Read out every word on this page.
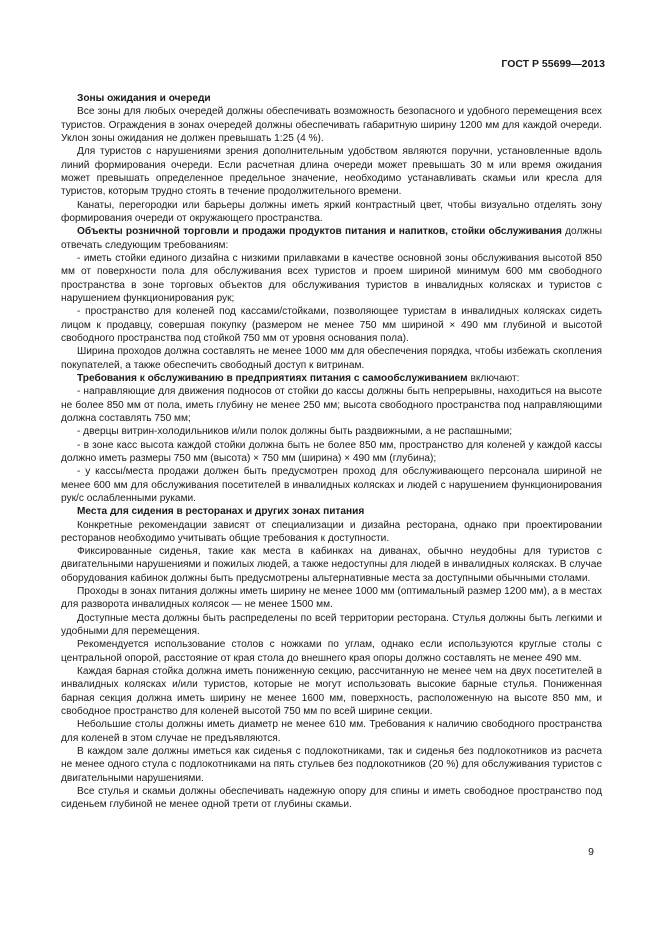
ГОСТ Р 55699—2013
Зоны ожидания и очереди

Все зоны для любых очередей должны обеспечивать возможность безопасного и удобного перемещения всех туристов. Ограждения в зонах очередей должны обеспечивать габаритную ширину 1200 мм для каждой очереди. Уклон зоны ожидания не должен превышать 1:25 (4 %).

Для туристов с нарушениями зрения дополнительным удобством являются поручни, установленные вдоль линий формирования очереди. Если расчетная длина очереди может превышать 30 м или время ожидания может превышать определенное предельное значение, необходимо устанавливать скамьи или кресла для туристов, которым трудно стоять в течение продолжительного времени.

Канаты, перегородки или барьеры должны иметь яркий контрастный цвет, чтобы визуально отделять зону формирования очереди от окружающего пространства.

Объекты розничной торговли и продажи продуктов питания и напитков, стойки обслуживания должны отвечать следующим требованиям:

- иметь стойки единого дизайна с низкими прилавками в качестве основной зоны обслуживания высотой 850 мм от поверхности пола для обслуживания всех туристов и проем шириной минимум 600 мм свободного пространства в зоне торговых объектов для обслуживания туристов в инвалидных колясках и туристов с нарушением функционирования рук;

- пространство для коленей под кассами/стойками, позволяющее туристам в инвалидных колясках сидеть лицом к продавцу, совершая покупку (размером не менее 750 мм шириной × 490 мм глубиной и высотой свободного пространства под стойкой 750 мм от уровня основания пола).

Ширина проходов должна составлять не менее 1000 мм для обеспечения порядка, чтобы избежать скопления покупателей, а также обеспечить свободный доступ к витринам.

Требования к обслуживанию в предприятиях питания с самообслуживанием включают:

- направляющие для движения подносов от стойки до кассы должны быть непрерывны, находиться на высоте не более 850 мм от пола, иметь глубину не менее 250 мм; высота свободного пространства под направляющими должна составлять 750 мм;

- дверцы витрин-холодильников и/или полок должны быть раздвижными, а не распашными;

- в зоне касс высота каждой стойки должна быть не более 850 мм, пространство для коленей у каждой кассы должно иметь размеры 750 мм (высота) × 750 мм (ширина) × 490 мм (глубина);

- у кассы/места продажи должен быть предусмотрен проход для обслуживающего персонала шириной не менее 600 мм для обслуживания посетителей в инвалидных колясках и людей с нарушением функционирования рук/с ослабленными руками.

Места для сидения в ресторанах и других зонах питания

Конкретные рекомендации зависят от специализации и дизайна ресторана, однако при проектировании ресторанов необходимо учитывать общие требования к доступности.

Фиксированные сиденья, такие как места в кабинках на диванах, обычно неудобны для туристов с двигательными нарушениями и пожилых людей, а также недоступны для людей в инвалидных колясках. В случае оборудования кабинок должны быть предусмотрены альтернативные места за доступными обычными столами.

Проходы в зонах питания должны иметь ширину не менее 1000 мм (оптимальный размер 1200 мм), а в местах для разворота инвалидных колясок — не менее 1500 мм.

Доступные места должны быть распределены по всей территории ресторана. Стулья должны быть легкими и удобными для перемещения.

Рекомендуется использование столов с ножками по углам, однако если используются круглые столы с центральной опорой, расстояние от края стола до внешнего края опоры должно составлять не менее 490 мм.

Каждая барная стойка должна иметь пониженную секцию, рассчитанную не менее чем на двух посетителей в инвалидных колясках и/или туристов, которые не могут использовать высокие барные стулья. Пониженная барная секция должна иметь ширину не менее 1600 мм, поверхность, расположенную на высоте 850 мм, и свободное пространство для коленей высотой 750 мм по всей ширине секции.

Небольшие столы должны иметь диаметр не менее 610 мм. Требования к наличию свободного пространства для коленей в этом случае не предъявляются.

В каждом зале должны иметься как сиденья с подлокотниками, так и сиденья без подлокотников из расчета не менее одного стула с подлокотниками на пять стульев без подлокотников (20 %) для обслуживания туристов с двигательными нарушениями.

Все стулья и скамьи должны обеспечивать надежную опору для спины и иметь свободное пространство под сиденьем глубиной не менее одной трети от глубины скамьи.

9
